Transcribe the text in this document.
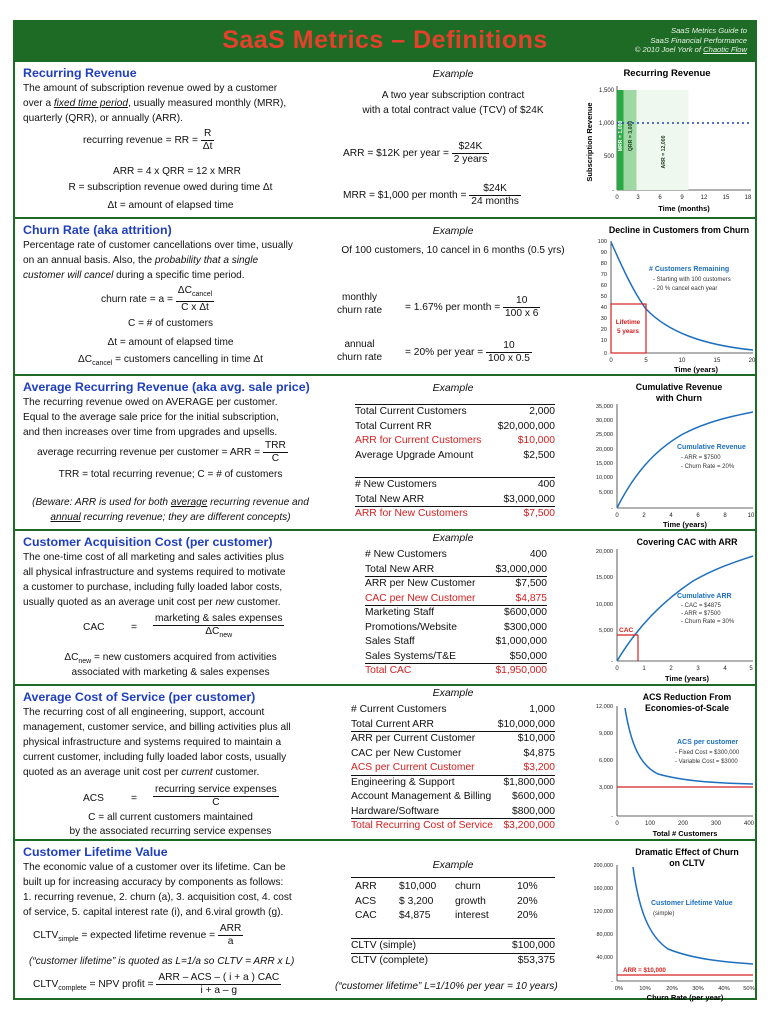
SaaS Metrics – Definitions	SaaS Metrics Guide to
SaaS Financial Performance
© 2010 Joel York of Chaotic Flow
Recurring Revenue
The amount of subscription revenue owed by a customer
over a fixed time period, usually measured monthly (MRR),
quarterly (QRR), or annually (ARR).
recurring revenue = RR = $\frac{R}{\Delta t}$
ARR = 4 x QRR = 12 x MRR
R = subscription revenue owed during time Δt
Δt = amount of elapsed time
Example
A two year subscription contract
with a total contract value (TCV) of $24K
ARR = $12K per year = $\frac{\$24K}{\text{2 years}}$
MRR = $1,000 per month = $\frac{\$24K}{\text{24 months}}$
Recurring Revenue
Subscription Revenue
1,500
1,000
500
-
0	3	6	9	12	15	18
Time (months)
MRR = 1,000 QRR = 3,000	ARR = 12,000
Churn Rate (aka attrition)
Percentage rate of customer cancellations over time, usually
on an annual basis. Also, the probability that a single
customer will cancel during a specific time period.
churn rate = $a = \frac{\Delta C_{cancel}}{\text{C x Δt}}$
C = # of customers
Δt = amount of elapsed time
$\Delta C_{cancel}$ = customers cancelling in time Δt
Example
Of 100 customers, 10 cancel in 6 months (0.5 yrs)
monthly
churn rate = 1.67% per month = $\frac{10}{100 x 6}$
annual
churn rate = 20% per year = $\frac{10}{100 x 0.5}$
Decline in Customers from Churn
100
90
80
70
60
50
40
30
20
10
0
0	5	10	15	20
Time (years)
Lifetime
5 years
# Customers Remaining
- Starting with 100 customers
- 20 % cancel each year
Average Recurring Revenue (aka avg. sale price)
The recurring revenue owed on AVERAGE per customer.
Equal to the average sale price for the initial subscription,
and then increases over time from upgrades and upsells.
average recurring revenue per customer = ARR = $\frac{\text{TRR}}{C}$
TRR = total recurring revenue; C = # of customers
(Beware: ARR is used for both average recurring revenue and
annual recurring revenue; they are different concepts)
Example
Total Current Customers	2,000
Total Current RR	$20,000,000
ARR for Current Customers	$10,000
Average Upgrade Amount	$2,500
# New Customers	400
Total New ARR	$3,000,000
ARR for New Customers	$7,500
Cumulative Revenue
with Churn
35,000
30,000
25,000
20,000
15,000
10,000
5,000
-
0	2	4	6	8	10
Time (years)
Cumulative Revenue
- ARR = $7500
- Churn Rate = 20%
Customer Acquisition Cost (per customer)
The one-time cost of all marketing and sales activities plus
all physical infrastructure and systems required to motivate
a customer to purchase, including fully loaded labor costs,
usually quoted as an average unit cost per new customer.
CAC	= $\frac{\text{marketing \& sales expenses}}{\Delta C_{new}}$
$\Delta C_{new}$ = new customers acquired from activities
associated with marketing & sales expenses
Example
# New Customers	400
Total New ARR	$3,000,000
ARR per New Customer	$7,500
CAC per New Customer	$4,875
Marketing Staff	$600,000
Promotions/Website	$300,000
Sales Staff	$1,000,000
Sales Systems/T&E	$50,000
Total CAC	$1,950,000
Covering CAC with ARR
20,000
15,000
10,000
5,000
-
0	1	2	3	4	5
Time (years)
CAC
Cumulative ARR
- CAC = $4875
- ARR = $7500
- Churn Rate = 30%
Average Cost of Service (per customer)
The recurring cost of all engineering, support, account
management, customer service, and billing activities plus all
physical infrastructure and systems required to maintain a
current customer, including fully loaded labor costs, usually
quoted as an average unit cost per current customer.
ACS	= $\frac{\text{recurring service expenses}}{C}$
C = all current customers maintained
by the associated recurring service expenses
Example
# Current Customers	1,000
Total Current ARR	$10,000,000
ARR per Current Customer	$10,000
CAC per New Customer	$4,875
ACS per Current Customer	$3,200
Engineering & Support	$1,800,000
Account Management & Billing $600,000
Hardware/Software	$800,000
Total Recurring Cost of Service $3,200,000
ACS Reduction From
Economies-of-Scale
12,000
9,000
6,000
3,000
-
0	100	200	300	400
Total # Customers
ACS per customer
- Fixed Cost = $300,000
- Variable Cost = $3000
Customer Lifetime Value
The economic value of a customer over its lifetime. Can be
built up for increasing accuracy by components as follows:
1. recurring revenue, 2. churn (a), 3. acquisition cost, 4. cost
of service, 5. capital interest rate (i), and 6.viral growth (g).
$CLTV_{simple}$ = expected lifetime revenue = $\frac{\text{ARR}}{a}$
(“customer lifetime” is quoted as L=1/a so CLTV = ARR x L)
$CLTV_{complete}$ = NPV profit = $\frac{\text{ARR – ACS – ( i + a ) CAC}}{i + a - g}$
Example
ARR $10,000 churn	10%
ACS $ 3,200 growth	20%
CAC $4,875 interest	20%
CLTV (simple)	$100,000
CLTV (complete)	$53,375
(“customer lifetime” L=1/10% per year = 10 years)
Dramatic Effect of Churn
on CLTV
200,000
160,000
120,000
80,000
40,000
-
0%	10%	20% 30% 40% 50%
Churn Rate (per year)
ARR = $10,000
Customer Lifetime Value
(simple)
